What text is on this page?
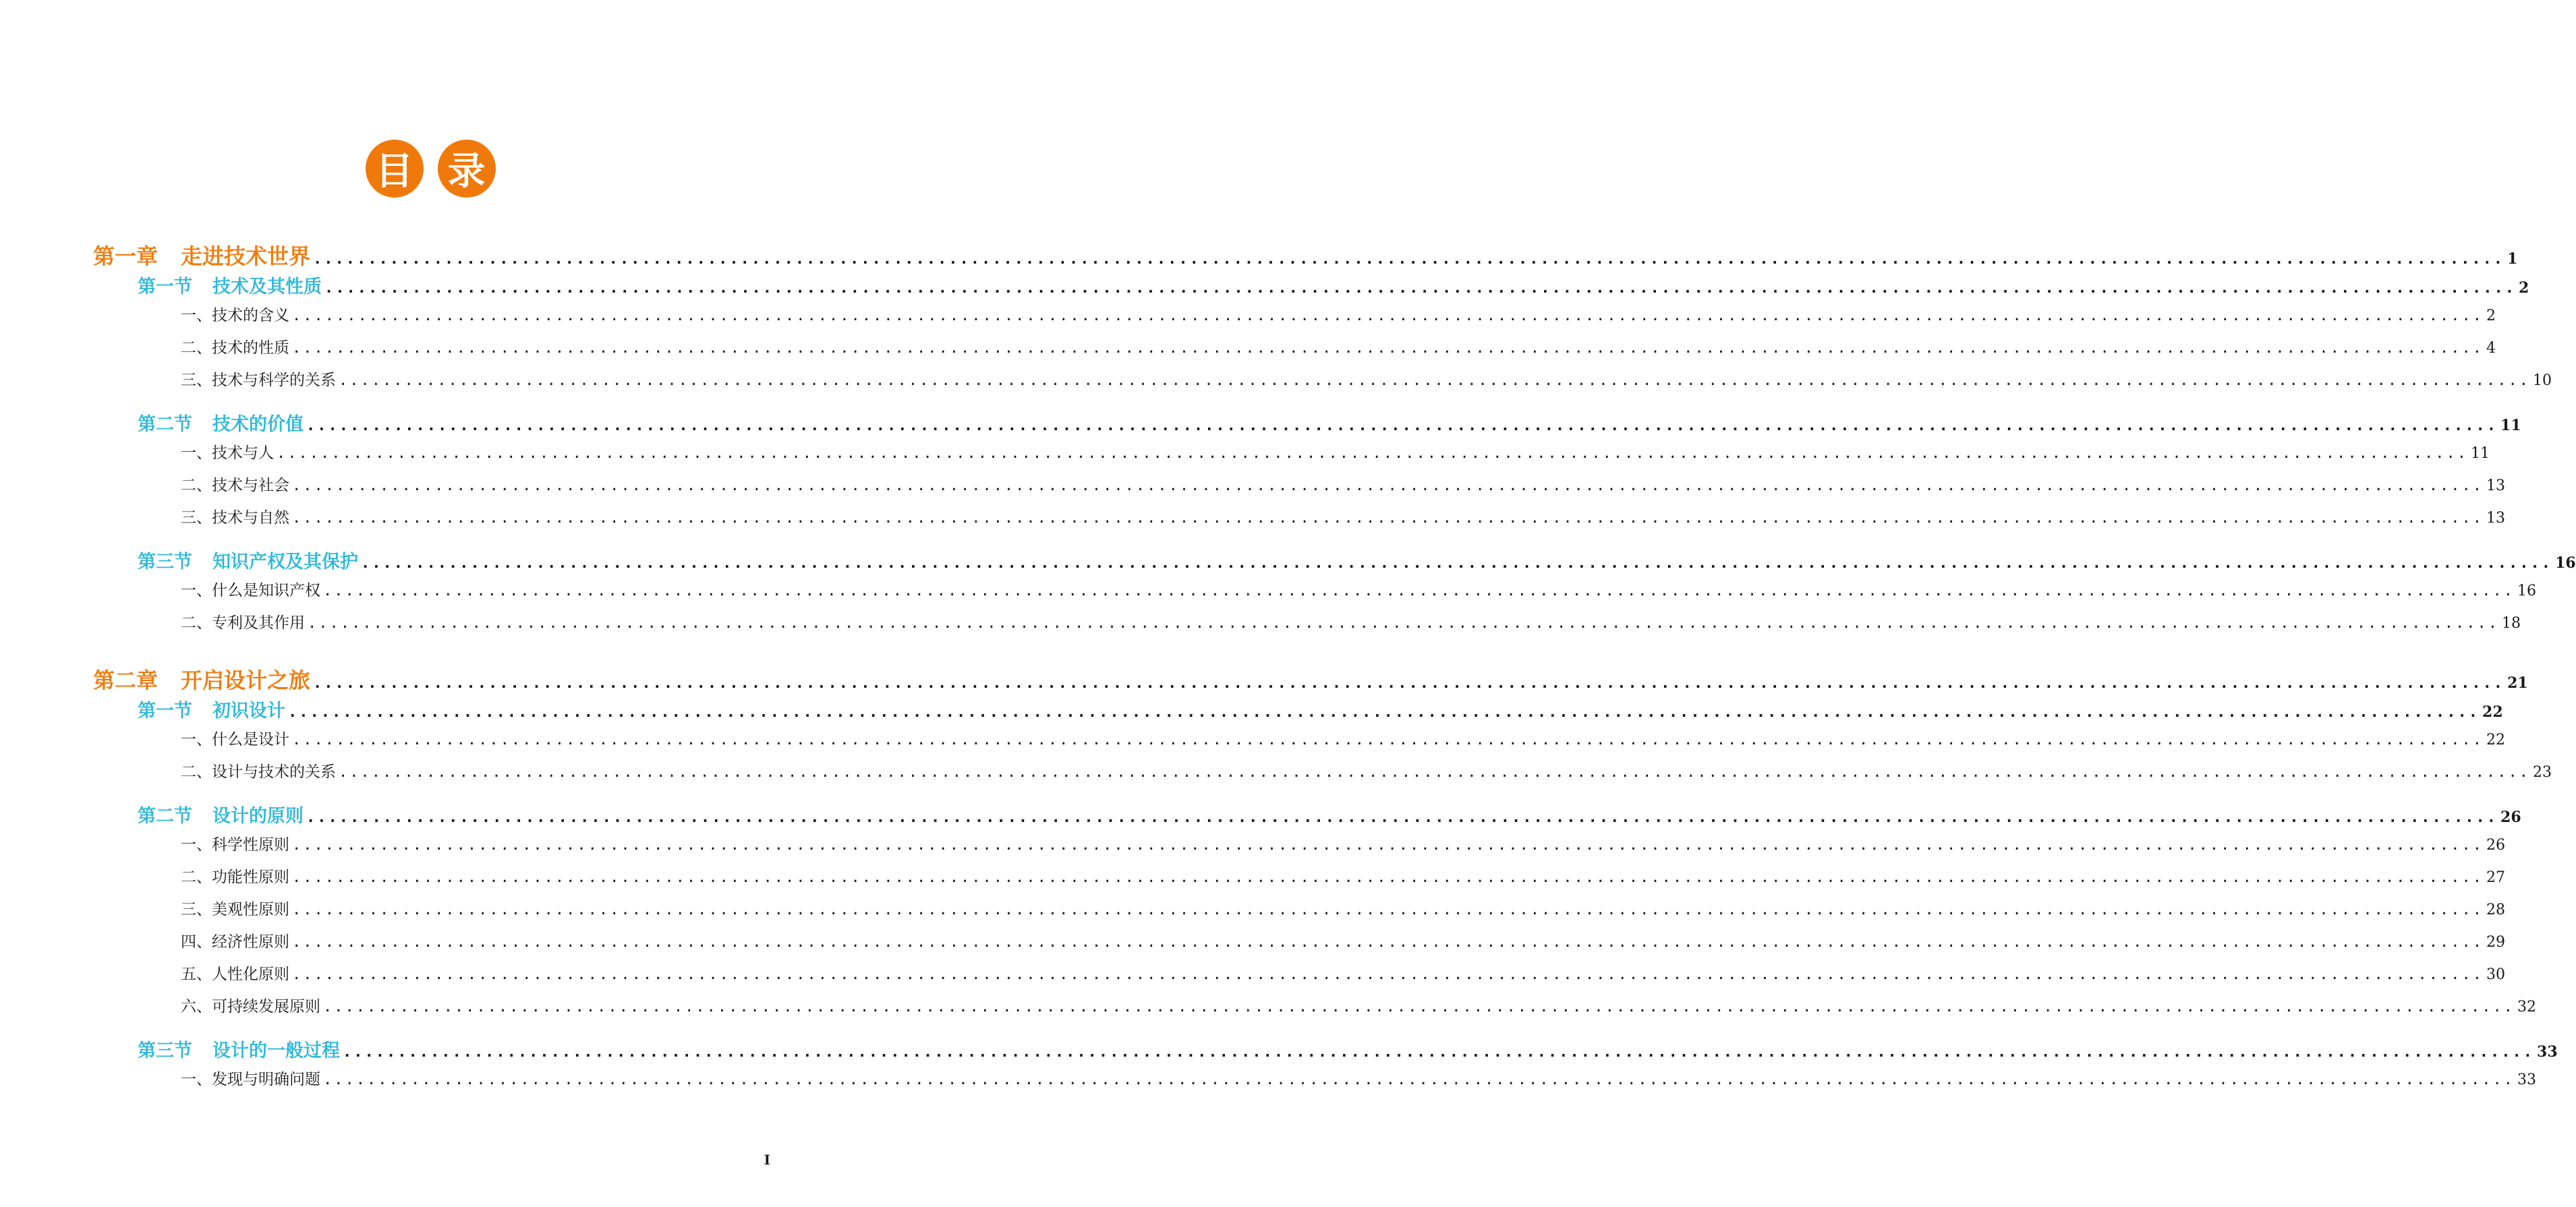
目 录
第一章 走进技术世界 ........................................................................................................................................................................................................ 1
第一节 技术及其性质 ........................................................................................................................................................................................................ 2
一、技术的含义 ........................................................................................................................................................................................................ 2
二、技术的性质 ........................................................................................................................................................................................................ 4
三、技术与科学的关系 ........................................................................................................................................................................................................ 10
第二节 技术的价值 ........................................................................................................................................................................................................ 11
一、技术与人 ........................................................................................................................................................................................................ 11
二、技术与社会 ........................................................................................................................................................................................................ 13
三、技术与自然 ........................................................................................................................................................................................................ 13
第三节 知识产权及其保护 ........................................................................................................................................................................................................ 16
一、什么是知识产权 ........................................................................................................................................................................................................ 16
二、专利及其作用 ........................................................................................................................................................................................................ 18
第二章 开启设计之旅 ........................................................................................................................................................................................................ 21
第一节 初识设计 ........................................................................................................................................................................................................ 22
一、什么是设计 ........................................................................................................................................................................................................ 22
二、设计与技术的关系 ........................................................................................................................................................................................................ 23
第二节 设计的原则 ........................................................................................................................................................................................................ 26
一、科学性原则 ........................................................................................................................................................................................................ 26
二、功能性原则 ........................................................................................................................................................................................................ 27
三、美观性原则 ........................................................................................................................................................................................................ 28
四、经济性原则 ........................................................................................................................................................................................................ 29
五、人性化原则 ........................................................................................................................................................................................................ 30
六、可持续发展原则 ........................................................................................................................................................................................................ 32
第三节 设计的一般过程 ........................................................................................................................................................................................................ 33
一、发现与明确问题 ........................................................................................................................................................................................................ 33
I
